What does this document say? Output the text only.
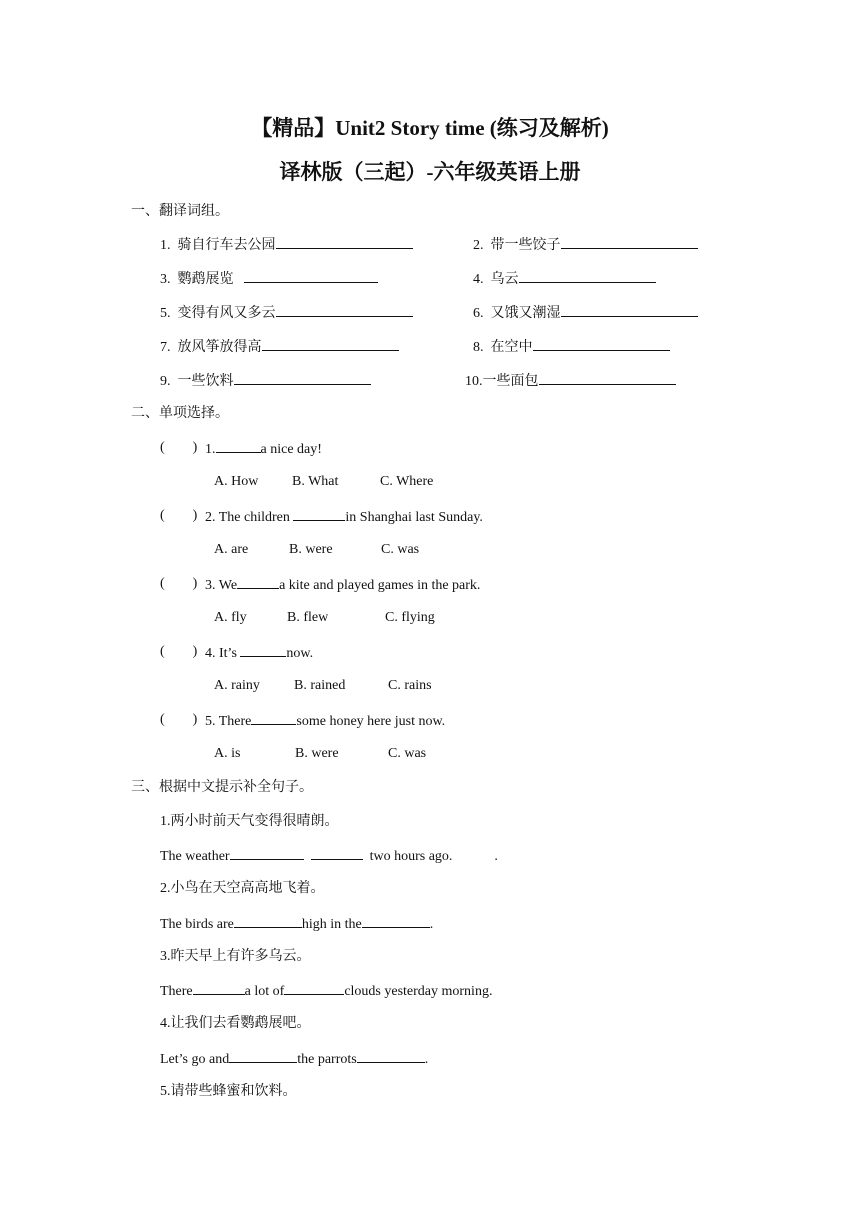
【精品】Unit2 Story time (练习及解析)
译林版（三起）-六年级英语上册
一、翻译词组。
1. 骑自行车去公园	2. 带一些饺子
3. 鹦鹉展览	4. 乌云
5. 变得有风又多云	6. 又饿又潮湿
7. 放风筝放得高	8. 在空中
9. 一些饮料	10.一些面包
二、单项选择。
( ) 1.	a nice day!
A. How B. What	C. Where
( ) 2. The children	in Shanghai last Sunday.
A. are	B. were	C. was
( ) 3. We	a kite and played games in the park.
A. fly	B. flew	C. flying
( ) 4. It’s	now.
A. rainy B. rained	C. rains
( ) 5. There	some honey here just now.
A. is	B. were	C. was
三、根据中文提示补全句子。
1.两小时前天气变得很晴朗。
The weather	two hours ago.	.
2.小鸟在天空高高地飞着。
The birds are	high in the	.
3.昨天早上有许多乌云。
There	a lot of	clouds yesterday morning.
4.让我们去看鹦鹉展吧。
Let’s go and	the parrots	.
5.请带些蜂蜜和饮料。
